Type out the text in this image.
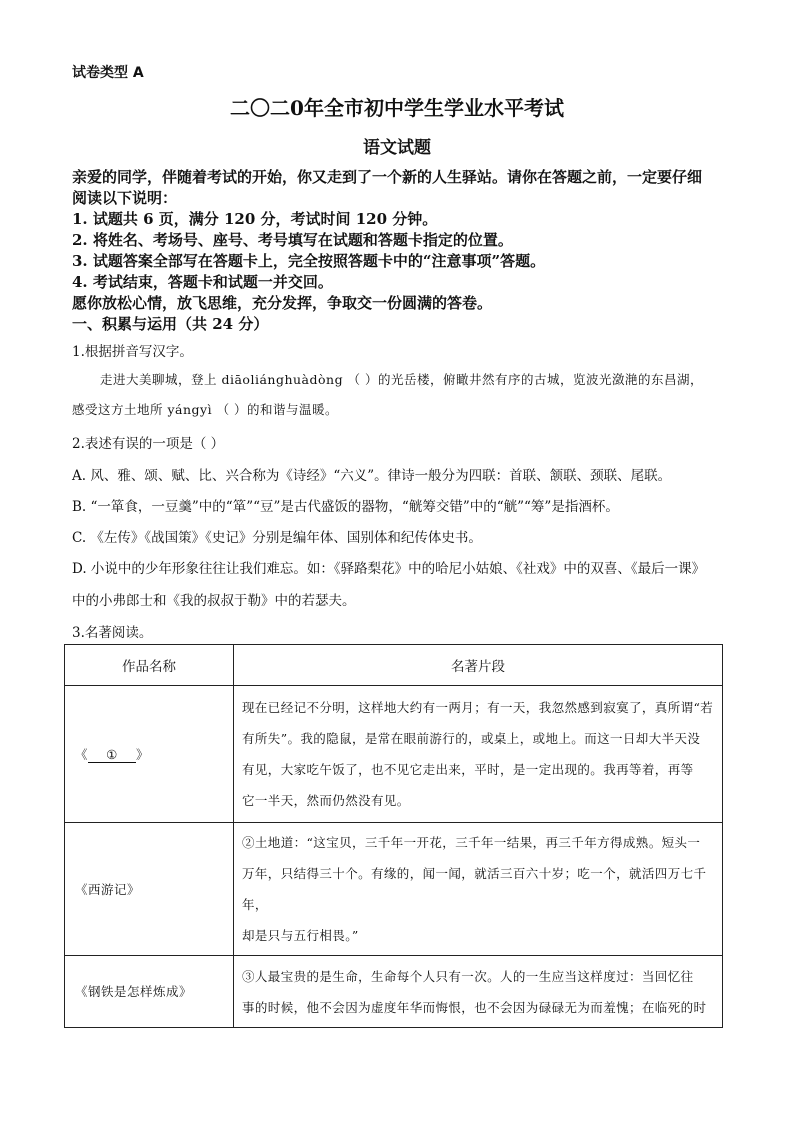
试卷类型 A
二〇二0年全市初中学生学业水平考试
语文试题
亲爱的同学，伴随着考试的开始，你又走到了一个新的人生驿站。请你在答题之前，一定要仔细
阅读以下说明：
1. 试题共 6 页，满分 120 分，考试时间 120 分钟。
2. 将姓名、考场号、座号、考号填写在试题和答题卡指定的位置。
3. 试题答案全部写在答题卡上，完全按照答题卡中的“注意事项”答题。
4. 考试结束，答题卡和试题一并交回。
愿你放松心情，放飞思维，充分发挥，争取交一份圆满的答卷。
一、积累与运用（共 24 分）
1.根据拼音写汉字。
走进大美聊城，登上 diāoliánghuàdòng （ ）的光岳楼，俯瞰井然有序的古城，览波光潋滟的东昌湖，
感受这方土地所 yángyì （ ）的和谐与温暖。
2.表述有误的一项是（ ）
A. 风、雅、颂、赋、比、兴合称为《诗经》“六义”。律诗一般分为四联：首联、颔联、颈联、尾联。
B. “一箪食，一豆羹”中的“箪”“豆”是古代盛饭的器物，“觥筹交错”中的“觥”“筹”是指酒杯。
C. 《左传》《战国策》《史记》分别是编年体、国别体和纪传体史书。
D. 小说中的少年形象往往让我们难忘。如：《驿路梨花》中的哈尼小姑娘、《社戏》中的双喜、《最后一课》
中的小弗郎士和《我的叔叔于勒》中的若瑟夫。
3.名著阅读。
作品名称	名著片段
《 ① 》	现在已经记不分明，这样地大约有一两月；有一天，我忽然感到寂寞了，真所谓“若

有所失”。我的隐鼠，是常在眼前游行的，或桌上，或地上。而这一日却大半天没

有见，大家吃午饭了，也不见它走出来，平时，是一定出现的。我再等着，再等

它一半天，然而仍然没有见。

《西游记》	②土地道：“这宝贝，三千年一开花，三千年一结果，再三千年方得成熟。短头一

万年，只结得三十个。有缘的，闻一闻，就活三百六十岁；吃一个，就活四万七千年，

却是只与五行相畏。”

《钢铁是怎样炼成》	③人最宝贵的是生命，生命每个人只有一次。人的一生应当这样度过：当回忆往

事的时候，他不会因为虚度年华而悔恨，也不会因为碌碌无为而羞愧；在临死的时
